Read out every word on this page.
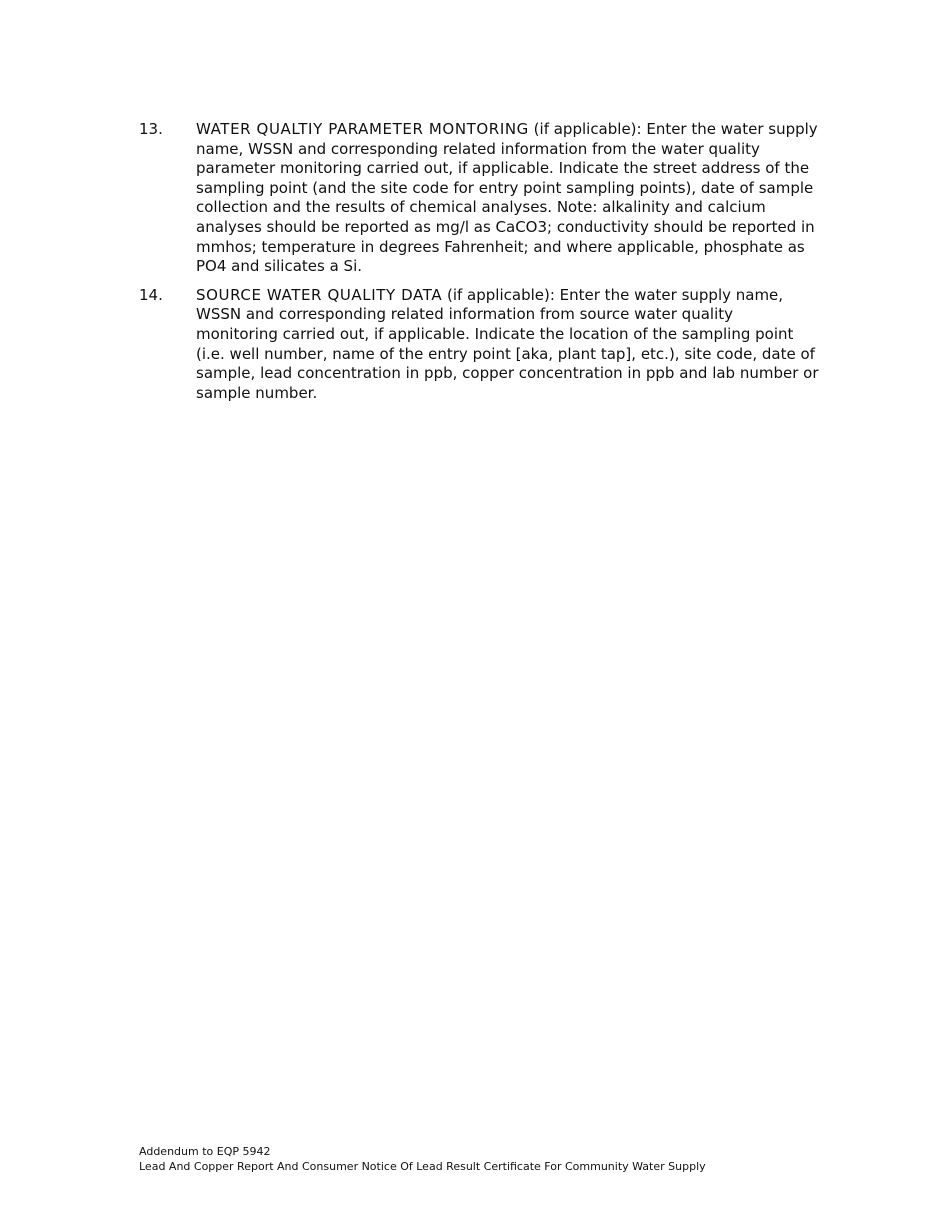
13.	WATER QUALTIY PARAMETER MONTORING (if applicable): Enter the water supply name, WSSN and corresponding related information from the water quality parameter monitoring carried out, if applicable. Indicate the street address of the sampling point (and the site code for entry point sampling points), date of sample collection and the results of chemical analyses. Note: alkalinity and calcium analyses should be reported as mg/l as CaCO3; conductivity should be reported in mmhos; temperature in degrees Fahrenheit; and where applicable, phosphate as PO4 and silicates a Si.
14.	SOURCE WATER QUALITY DATA (if applicable): Enter the water supply name, WSSN and corresponding related information from source water quality monitoring carried out, if applicable. Indicate the location of the sampling point (i.e. well number, name of the entry point [aka, plant tap], etc.), site code, date of sample, lead concentration in ppb, copper concentration in ppb and lab number or sample number.
Addendum to EQP 5942
Lead And Copper Report And Consumer Notice Of Lead Result Certificate For Community Water Supply
